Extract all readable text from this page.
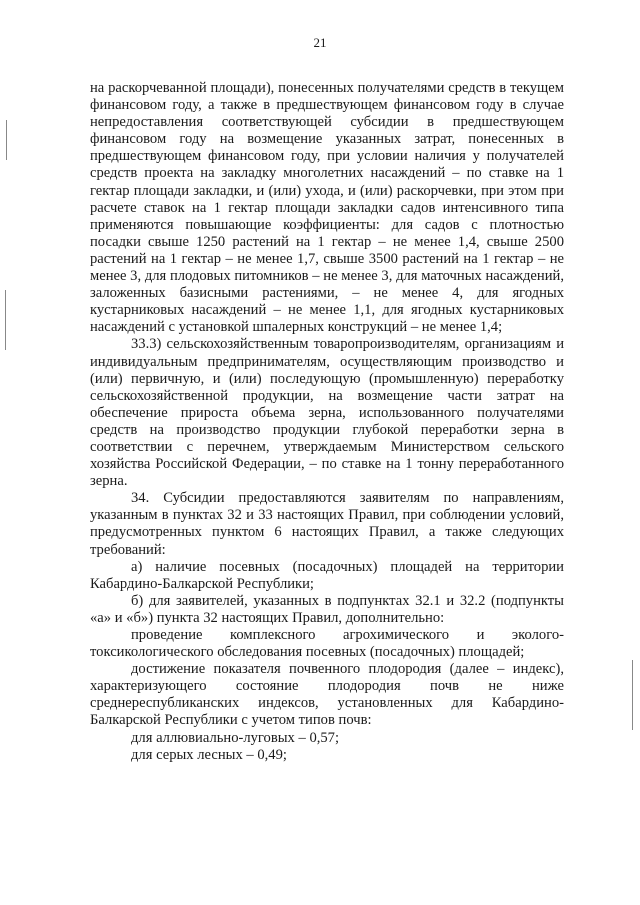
21

на раскорчеванной площади), понесенных получателями средств в текущем финансовом году, а также в предшествующем финансовом году в случае непредоставления соответствующей субсидии в предшествующем финансовом году на возмещение указанных затрат, понесенных в предшествующем финансовом году, при условии наличия у получателей средств проекта на закладку многолетних насаждений – по ставке на 1 гектар площади закладки, и (или) ухода, и (или) раскорчевки, при этом при расчете ставок на 1 гектар площади закладки садов интенсивного типа применяются повышающие коэффициенты: для садов с плотностью посадки свыше 1250 растений на 1 гектар – не менее 1,4, свыше 2500 растений на 1 гектар – не менее 1,7, свыше 3500 растений на 1 гектар – не менее 3, для плодовых питомников – не менее 3, для маточных насаждений, заложенных базисными растениями, – не менее 4, для ягодных кустарниковых насаждений – не менее 1,1, для ягодных кустарниковых насаждений с установкой шпалерных конструкций – не менее 1,4;

33.3) сельскохозяйственным товаропроизводителям, организациям и индивидуальным предпринимателям, осуществляющим производство и (или) первичную, и (или) последующую (промышленную) переработку сельскохозяйственной продукции, на возмещение части затрат на обеспечение прироста объема зерна, использованного получателями средств на производство продукции глубокой переработки зерна в соответствии с перечнем, утверждаемым Министерством сельского хозяйства Российской Федерации, – по ставке на 1 тонну переработанного зерна.

34. Субсидии предоставляются заявителям по направлениям, указанным в пунктах 32 и 33 настоящих Правил, при соблюдении условий, предусмотренных пунктом 6 настоящих Правил, а также следующих требований:

а) наличие посевных (посадочных) площадей на территории Кабардино-Балкарской Республики;

б) для заявителей, указанных в подпунктах 32.1 и 32.2 (подпункты «а» и «б») пункта 32 настоящих Правил, дополнительно:

проведение комплексного агрохимического и эколого-токсикологического обследования посевных (посадочных) площадей;

достижение показателя почвенного плодородия (далее – индекс), характеризующего состояние плодородия почв не ниже среднереспубликанских индексов, установленных для Кабардино-Балкарской Республики с учетом типов почв:

для аллювиально-луговых – 0,57;

для серых лесных – 0,49;
